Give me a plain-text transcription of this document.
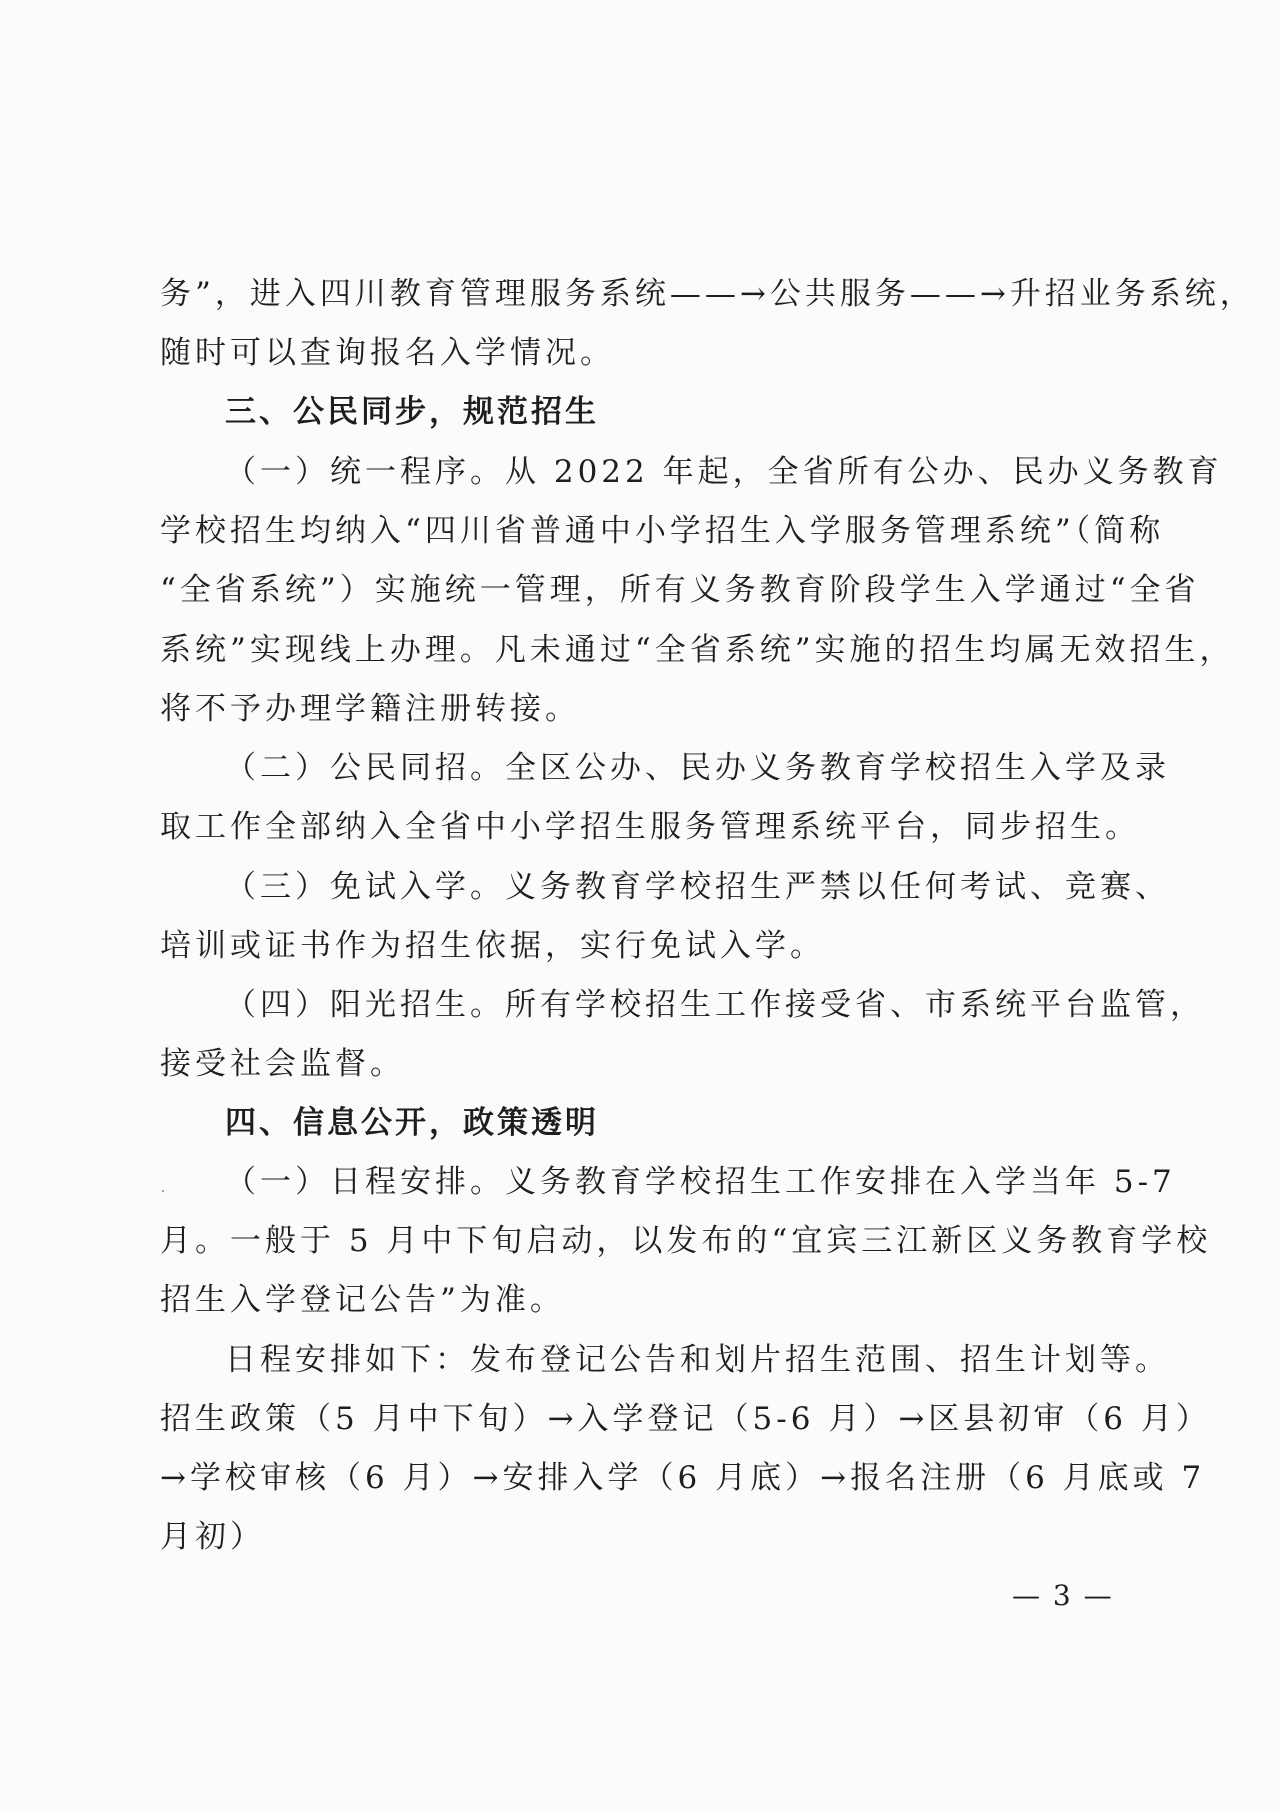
务”，进入四川教育管理服务系统——→公共服务——→升招业务系统，
随时可以查询报名入学情况。
三、公民同步，规范招生
（一）统一程序。从 2022 年起，全省所有公办、民办义务教育
学校招生均纳入“四川省普通中小学招生入学服务管理系统”（简称
“全省系统”）实施统一管理，所有义务教育阶段学生入学通过“全省
系统”实现线上办理。凡未通过“全省系统”实施的招生均属无效招生，
将不予办理学籍注册转接。
（二）公民同招。全区公办、民办义务教育学校招生入学及录
取工作全部纳入全省中小学招生服务管理系统平台，同步招生。
（三）免试入学。义务教育学校招生严禁以任何考试、竞赛、
培训或证书作为招生依据，实行免试入学。
（四）阳光招生。所有学校招生工作接受省、市系统平台监管，
接受社会监督。
四、信息公开，政策透明
（一）日程安排。义务教育学校招生工作安排在入学当年 5-7
月。一般于 5 月中下旬启动，以发布的“宜宾三江新区义务教育学校
招生入学登记公告”为准。
日程安排如下：发布登记公告和划片招生范围、招生计划等。
招生政策（5 月中下旬）→入学登记（5-6 月）→区县初审（6 月）
→学校审核（6 月）→安排入学（6 月底）→报名注册（6 月底或 7
月初）
— 3 —
